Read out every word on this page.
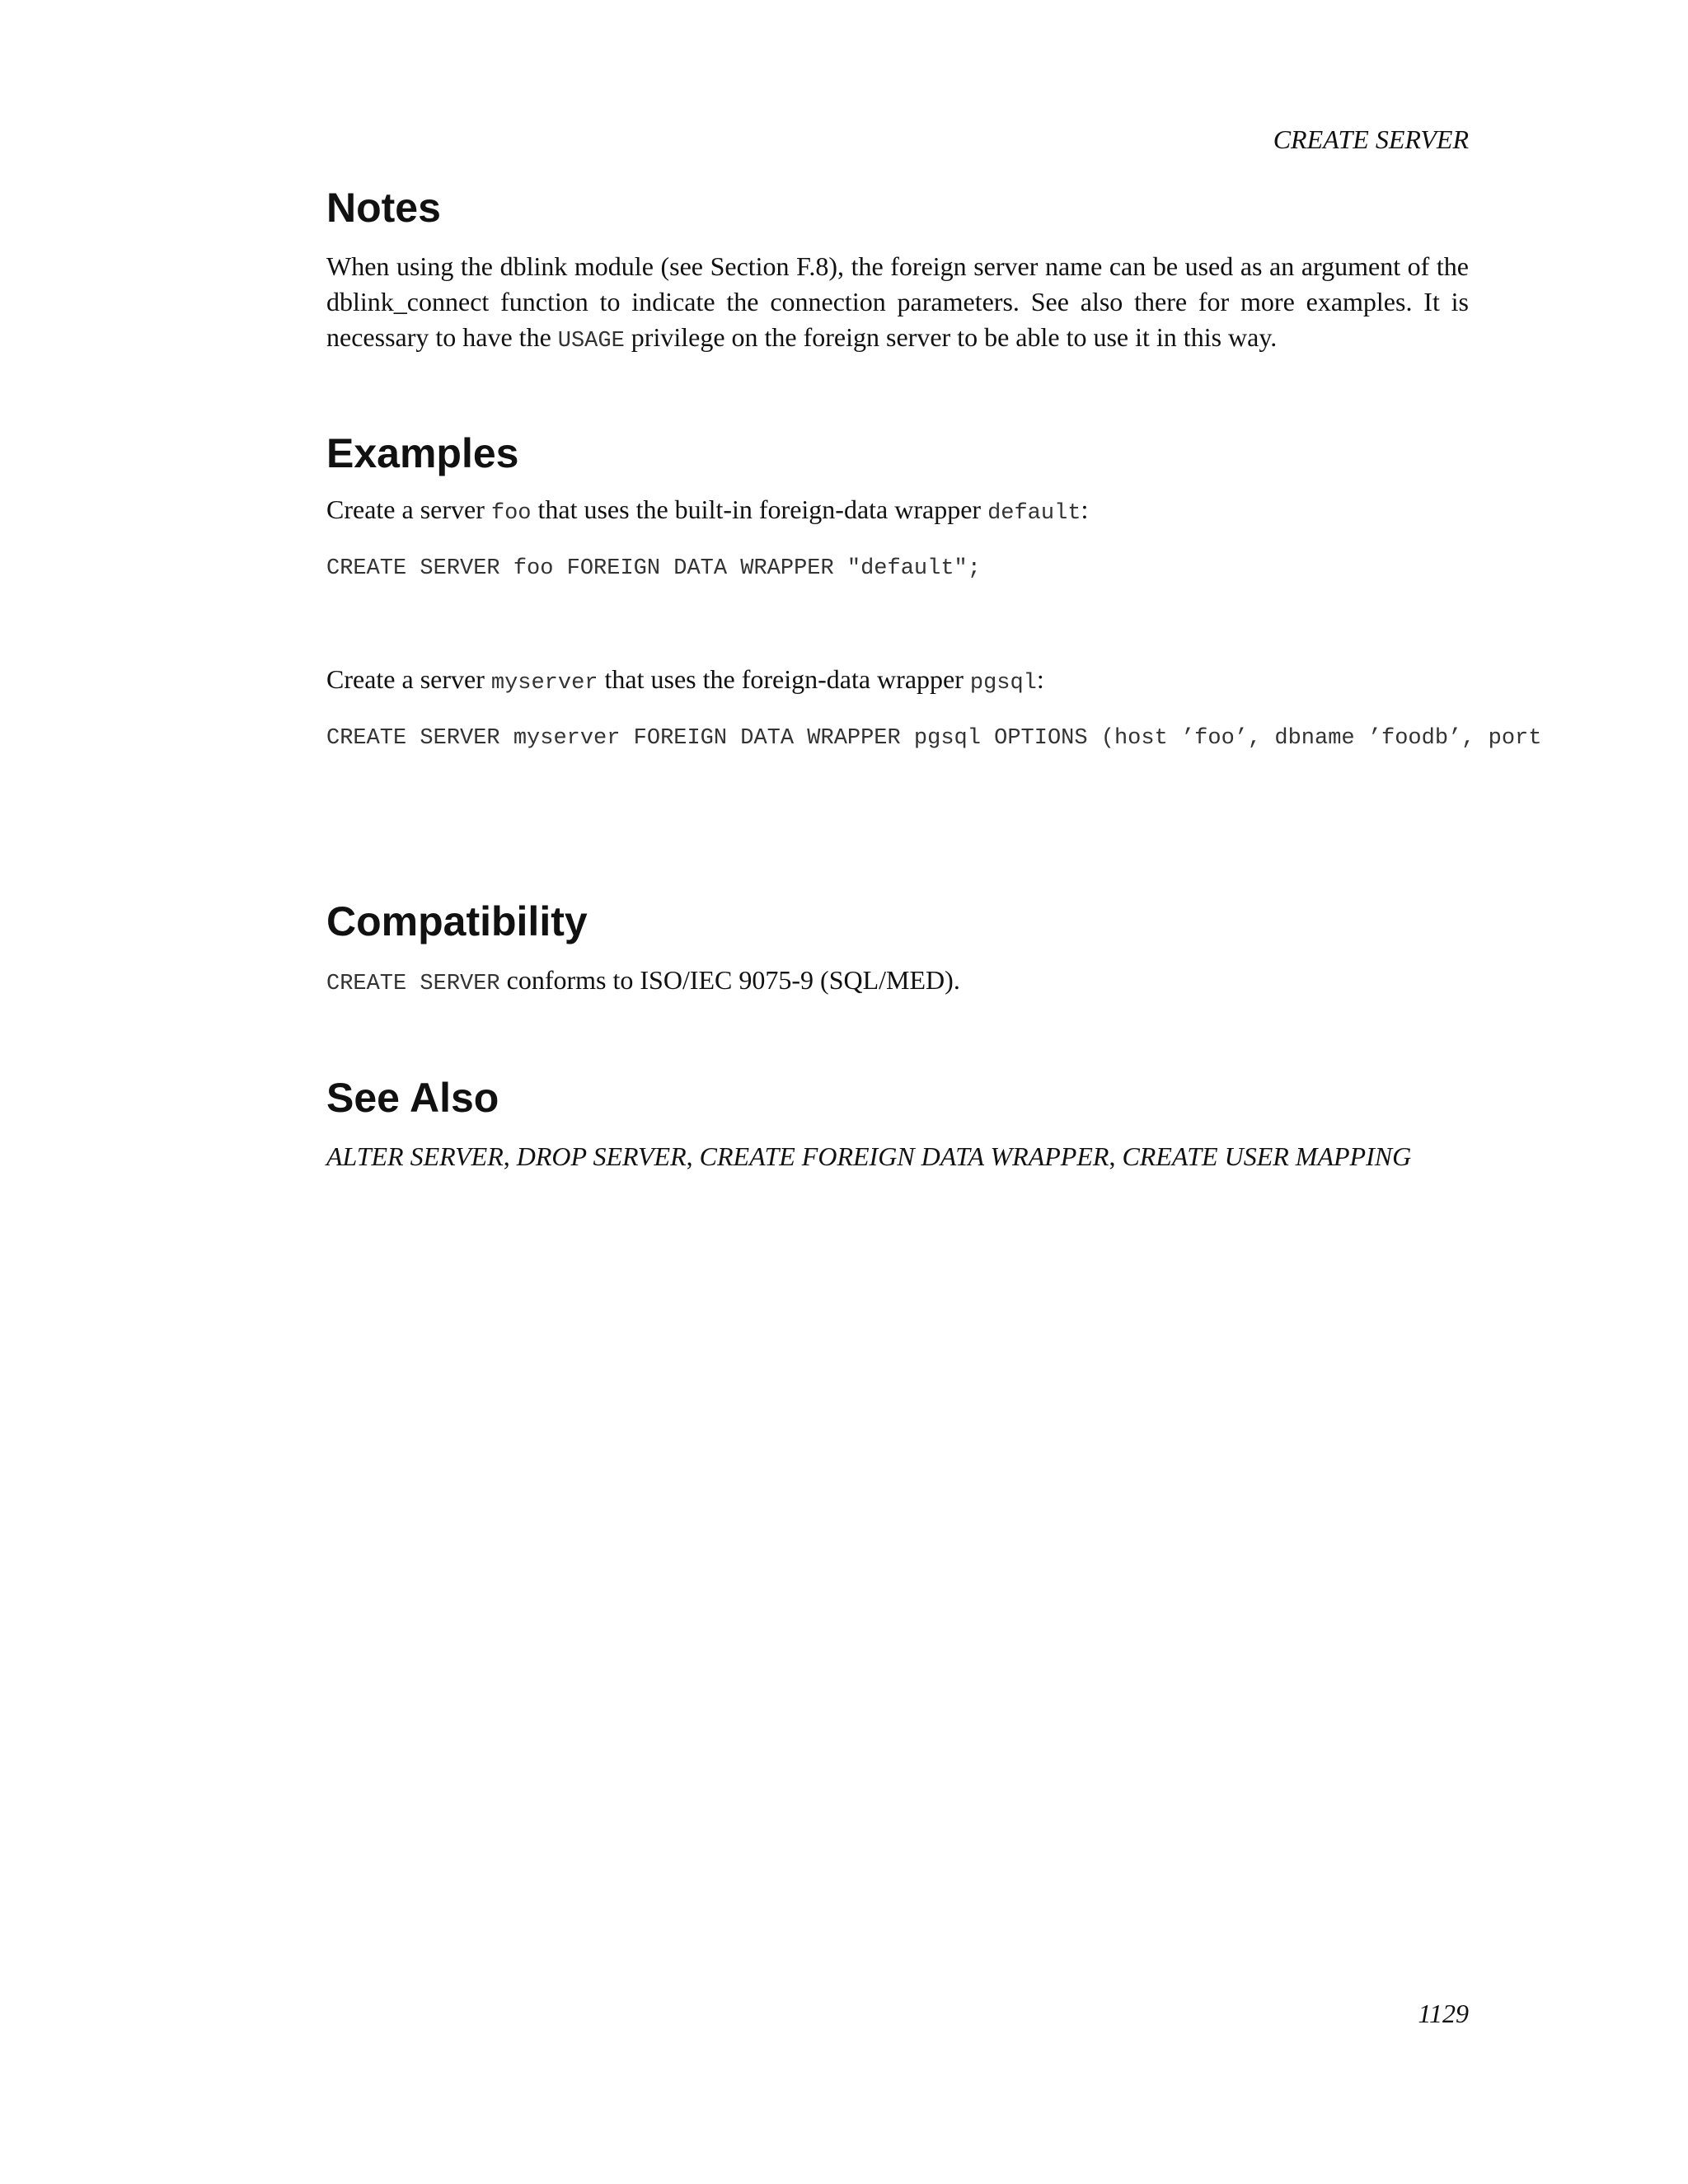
CREATE SERVER
Notes

When using the dblink module (see Section F.8), the foreign server name can be used as an argument of the dblink_connect function to indicate the connection parameters. See also there for more examples. It is necessary to have the USAGE privilege on the foreign server to be able to use it in this way.

Examples

Create a server foo that uses the built-in foreign-data wrapper default:

CREATE SERVER foo FOREIGN DATA WRAPPER "default";

Create a server myserver that uses the foreign-data wrapper pgsql:

CREATE SERVER myserver FOREIGN DATA WRAPPER pgsql OPTIONS (host ’foo’, dbname ’foodb’, port
Compatibility

CREATE SERVER conforms to ISO/IEC 9075-9 (SQL/MED).

See Also

ALTER SERVER, DROP SERVER, CREATE FOREIGN DATA WRAPPER, CREATE USER MAPPING

1129
